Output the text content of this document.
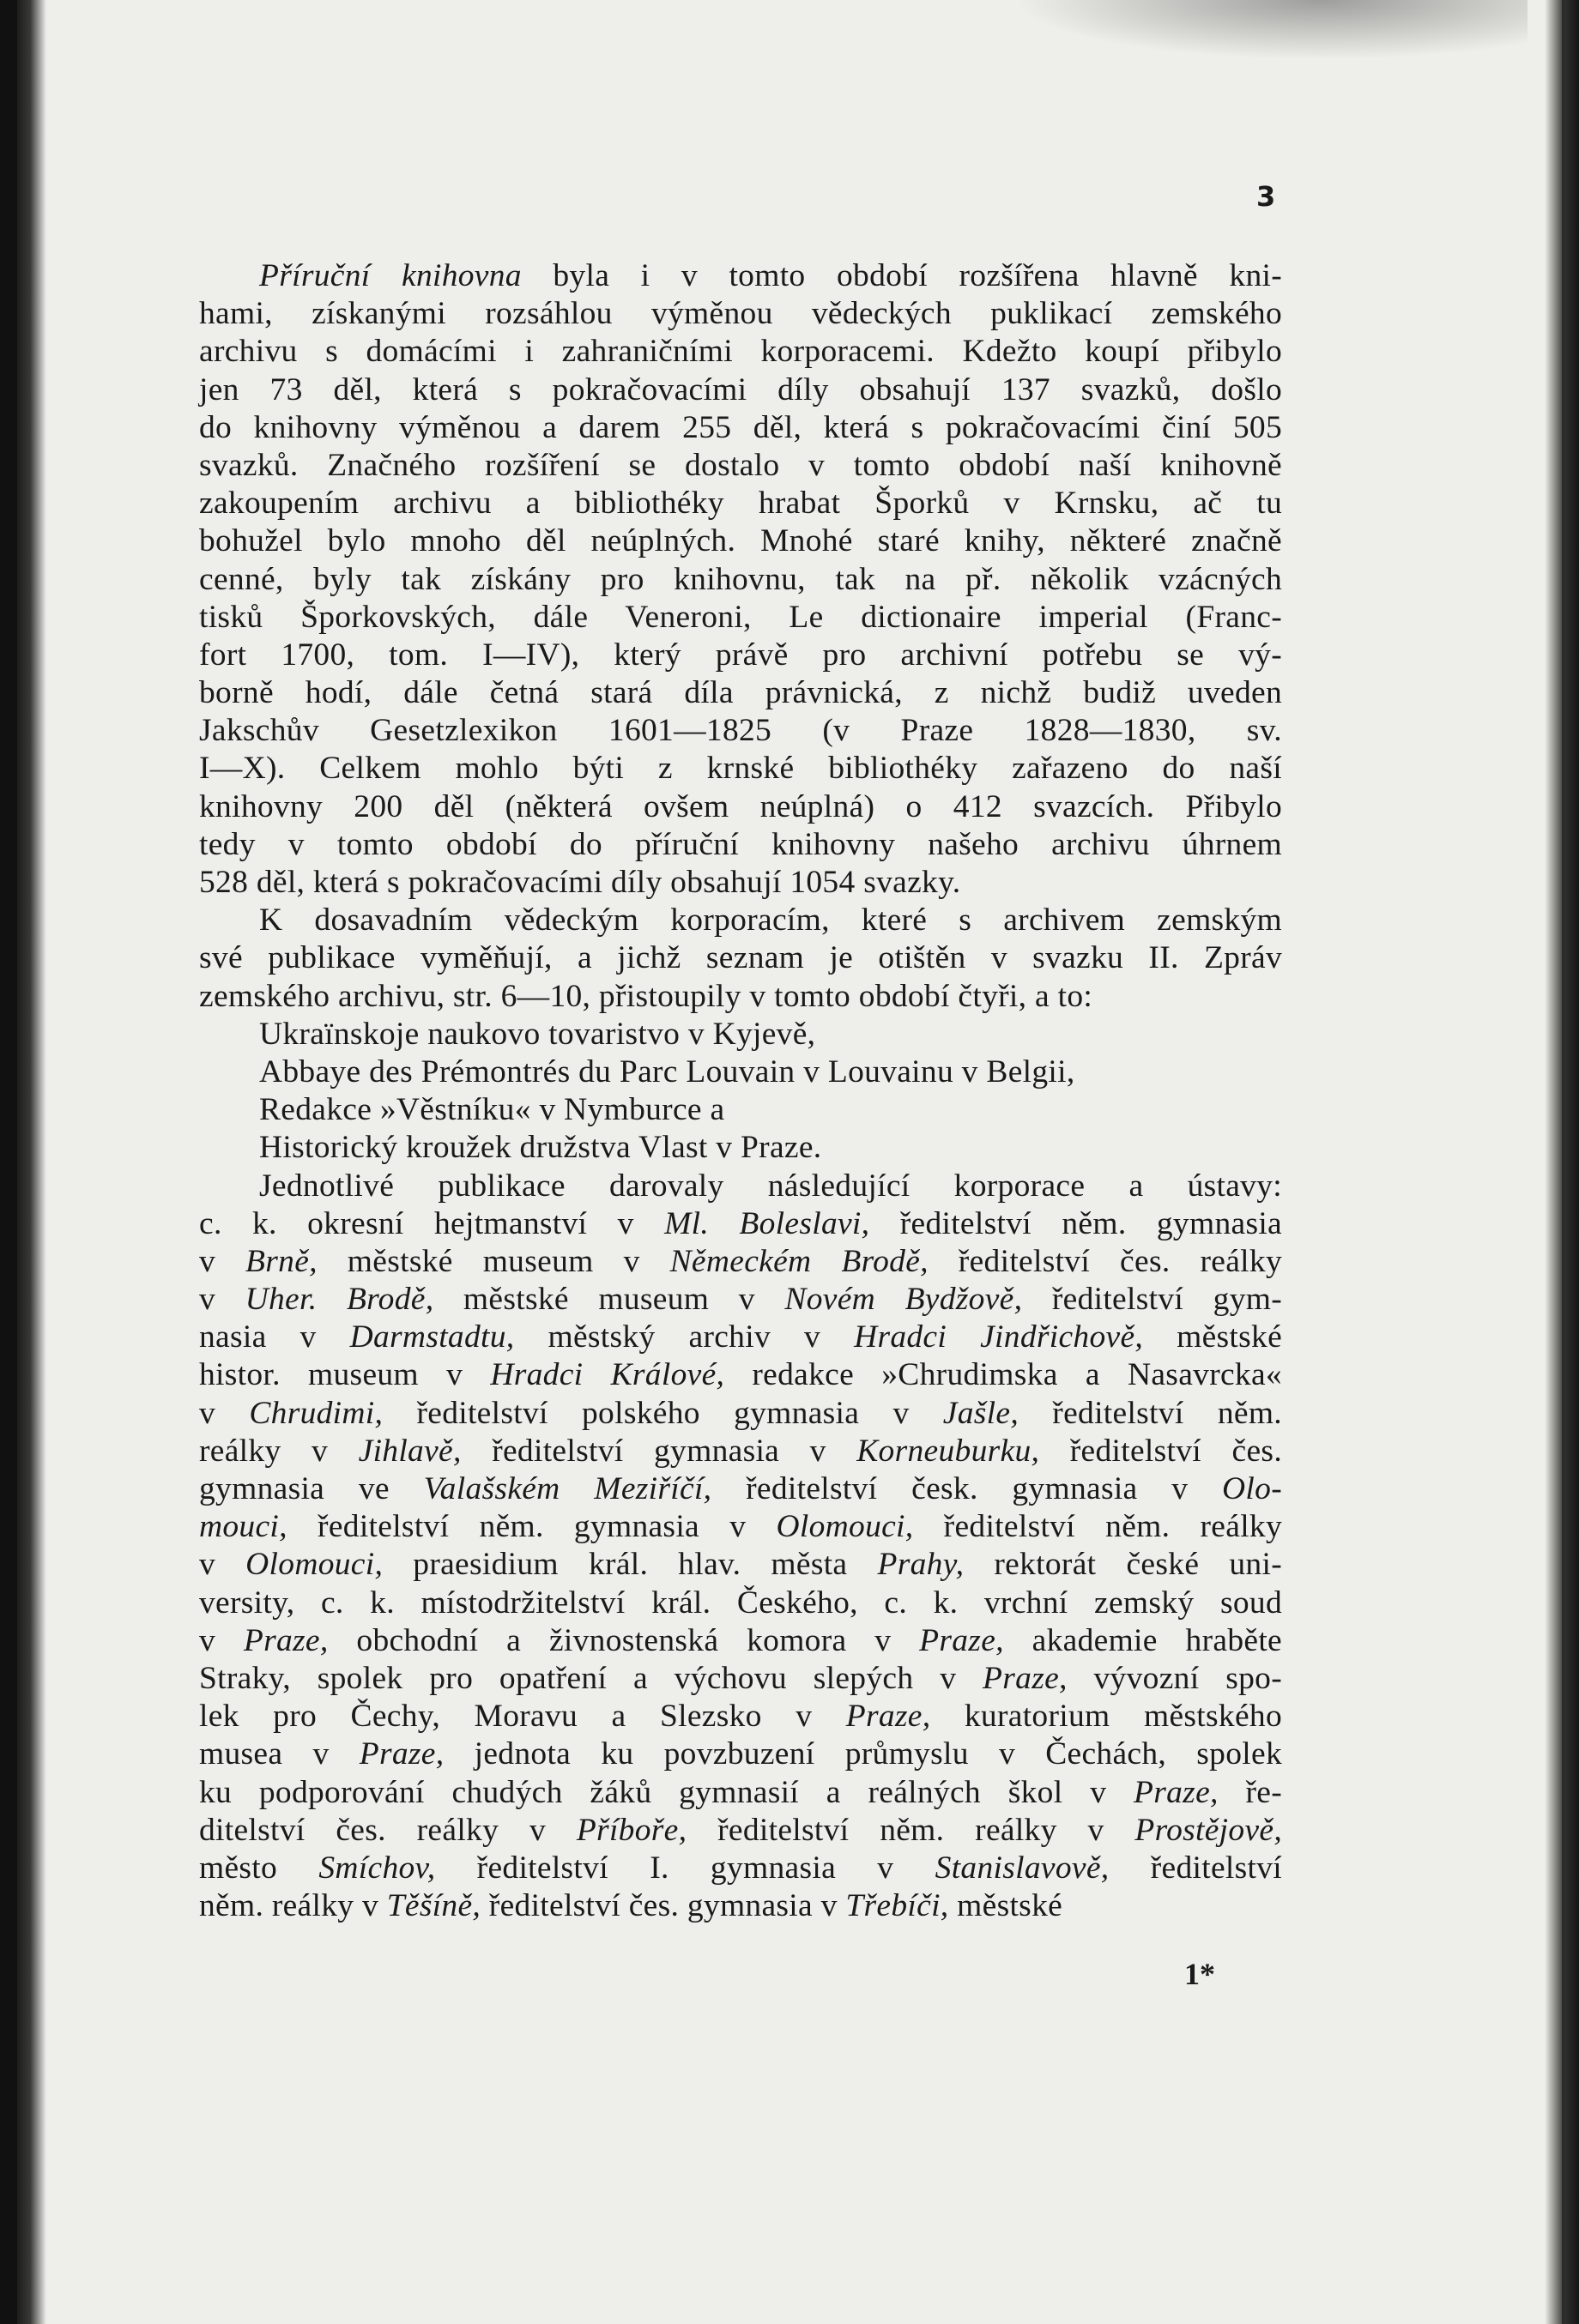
3
Příruční knihovna byla i v tomto období rozšířena hlavně kni-
hami, získanými rozsáhlou výměnou vědeckých puklikací zemského
archivu s domácími i zahraničními korporacemi. Kdežto koupí přibylo
jen 73 děl, která s pokračovacími díly obsahují 137 svazků, došlo
do knihovny výměnou a darem 255 děl, která s pokračovacími činí 505
svazků. Značného rozšíření se dostalo v tomto období naší knihovně
zakoupením archivu a bibliothéky hrabat Šporků v Krnsku, ač tu
bohužel bylo mnoho děl neúplných. Mnohé staré knihy, některé značně
cenné, byly tak získány pro knihovnu, tak na př. několik vzácných
tisků Šporkovských, dále Veneroni, Le dictionaire imperial (Franc-
fort 1700, tom. I—IV), který právě pro archivní potřebu se vý-
borně hodí, dále četná stará díla právnická, z nichž budiž uveden
Jakschův Gesetzlexikon 1601—1825 (v Praze 1828—1830, sv.
I—X). Celkem mohlo býti z krnské bibliothéky zařazeno do naší
knihovny 200 děl (některá ovšem neúplná) o 412 svazcích. Přibylo
tedy v tomto období do příruční knihovny našeho archivu úhrnem
528 děl, která s pokračovacími díly obsahují 1054 svazky.
K dosavadním vědeckým korporacím, které s archivem zemským
své publikace vyměňují, a jichž seznam je otištěn v svazku II. Zpráv
zemského archivu, str. 6—10, přistoupily v tomto období čtyři, a to:
Ukraïnskoje naukovo tovaristvo v Kyjevě,
Abbaye des Prémontrés du Parc Louvain v Louvainu v Belgii,
Redakce »Věstníku« v Nymburce a
Historický kroužek družstva Vlast v Praze.
Jednotlivé publikace darovaly následující korporace a ústavy:
c. k. okresní hejtmanství v Ml. Boleslavi, ředitelství něm. gymnasia
v Brně, městské museum v Německém Brodě, ředitelství čes. reálky
v Uher. Brodě, městské museum v Novém Bydžově, ředitelství gym-
nasia v Darmstadtu, městský archiv v Hradci Jindřichově, městské
histor. museum v Hradci Králové, redakce »Chrudimska a Nasavrcka«
v Chrudimi, ředitelství polského gymnasia v Jašle, ředitelství něm.
reálky v Jihlavě, ředitelství gymnasia v Korneuburku, ředitelství čes.
gymnasia ve Valašském Meziříčí, ředitelství česk. gymnasia v Olo-
mouci, ředitelství něm. gymnasia v Olomouci, ředitelství něm. reálky
v Olomouci, praesidium král. hlav. města Prahy, rektorát české uni-
versity, c. k. místodržitelství král. Českého, c. k. vrchní zemský soud
v Praze, obchodní a živnostenská komora v Praze, akademie hraběte
Straky, spolek pro opatření a výchovu slepých v Praze, vývozní spo-
lek pro Čechy, Moravu a Slezsko v Praze, kuratorium městského
musea v Praze, jednota ku povzbuzení průmyslu v Čechách, spolek
ku podporování chudých žáků gymnasií a reálných škol v Praze, ře-
ditelství čes. reálky v Příboře, ředitelství něm. reálky v Prostějově,
město Smíchov, ředitelství I. gymnasia v Stanislavově, ředitelství
něm. reálky v Těšíně, ředitelství čes. gymnasia v Třebíči, městské
1*
